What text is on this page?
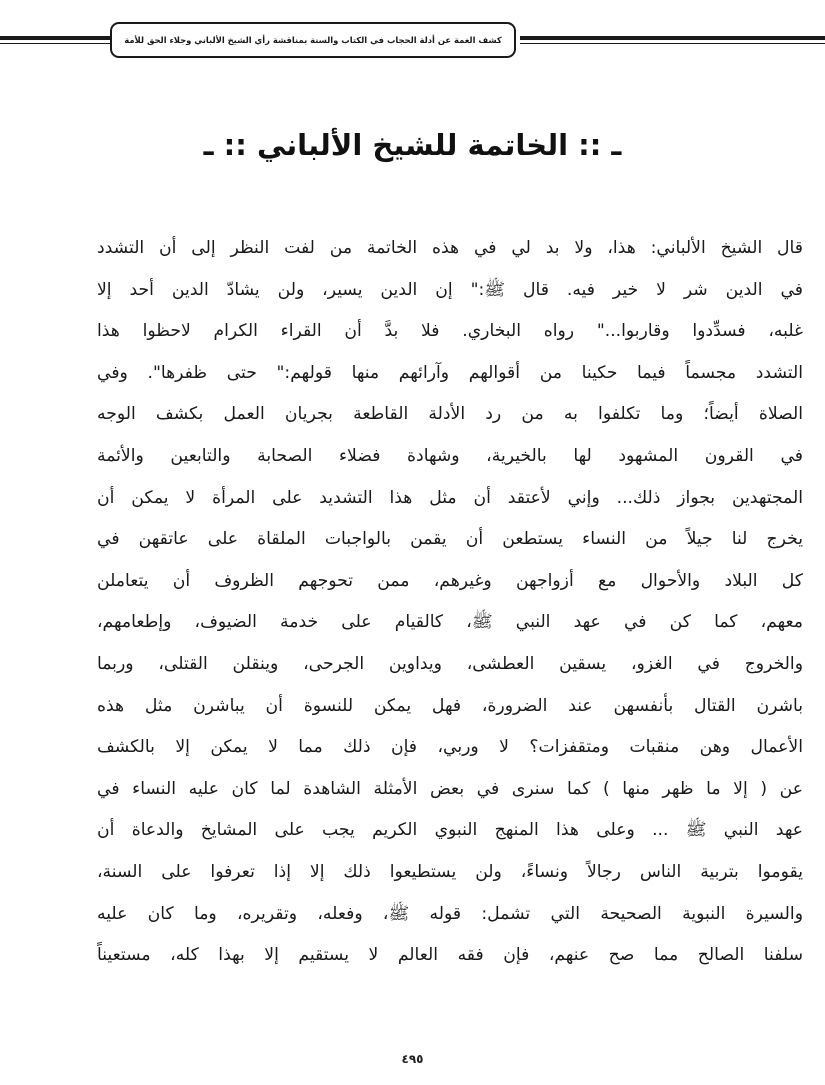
كشف الغمة عن أدلة الحجاب في الكتاب والسنة بمناقشة رأي الشيخ الألباني وجلاء الحق للأمة
ـ :: الخاتمة للشيخ الألباني :: ـ
قال الشيخ الألباني: هذا، ولا بد لي في هذه الخاتمة من لفت النظر إلى أن التشدد
في الدين شر لا خير فيه. قال ﷺ:" إن الدين يسير، ولن يشادّ الدين أحد إلا
غلبه، فسدِّدوا وقاربوا..." رواه البخاري. فلا بدَّ أن القراء الكرام لاحظوا هذا
التشدد مجسماً فيما حكينا من أقوالهم وآرائهم منها قولهم:" حتى ظفرها". وفي
الصلاة أيضاً؛ وما تكلفوا به من رد الأدلة القاطعة بجريان العمل بكشف الوجه
في القرون المشهود لها بالخيرية، وشهادة فضلاء الصحابة والتابعين والأئمة
المجتهدين بجواز ذلك... وإني لأعتقد أن مثل هذا التشديد على المرأة لا يمكن أن
يخرج لنا جيلاً من النساء يستطعن أن يقمن بالواجبات الملقاة على عاتقهن في
كل البلاد والأحوال مع أزواجهن وغيرهم، ممن تحوجهم الظروف أن يتعاملن
معهم، كما كن في عهد النبي ﷺ، كالقيام على خدمة الضيوف، وإطعامهم،
والخروج في الغزو، يسقين العطشى، ويداوين الجرحى، وينقلن القتلى، وربما
باشرن القتال بأنفسهن عند الضرورة، فهل يمكن للنسوة أن يباشرن مثل هذه
الأعمال وهن منقبات ومتقفزات؟ لا وربي، فإن ذلك مما لا يمكن إلا بالكشف
عن ( إلا ما ظهر منها ) كما سنرى في بعض الأمثلة الشاهدة لما كان عليه النساء في
عهد النبي ﷺ ... وعلى هذا المنهج النبوي الكريم يجب على المشايخ والدعاة أن
يقوموا بتربية الناس رجالاً ونساءً، ولن يستطيعوا ذلك إلا إذا تعرفوا على السنة،
والسيرة النبوية الصحيحة التي تشمل: قوله ﷺ، وفعله، وتقريره، وما كان عليه
سلفنا الصالح مما صح عنهم، فإن فقه العالم لا يستقيم إلا بهذا كله، مستعيناً
٤٩٥
